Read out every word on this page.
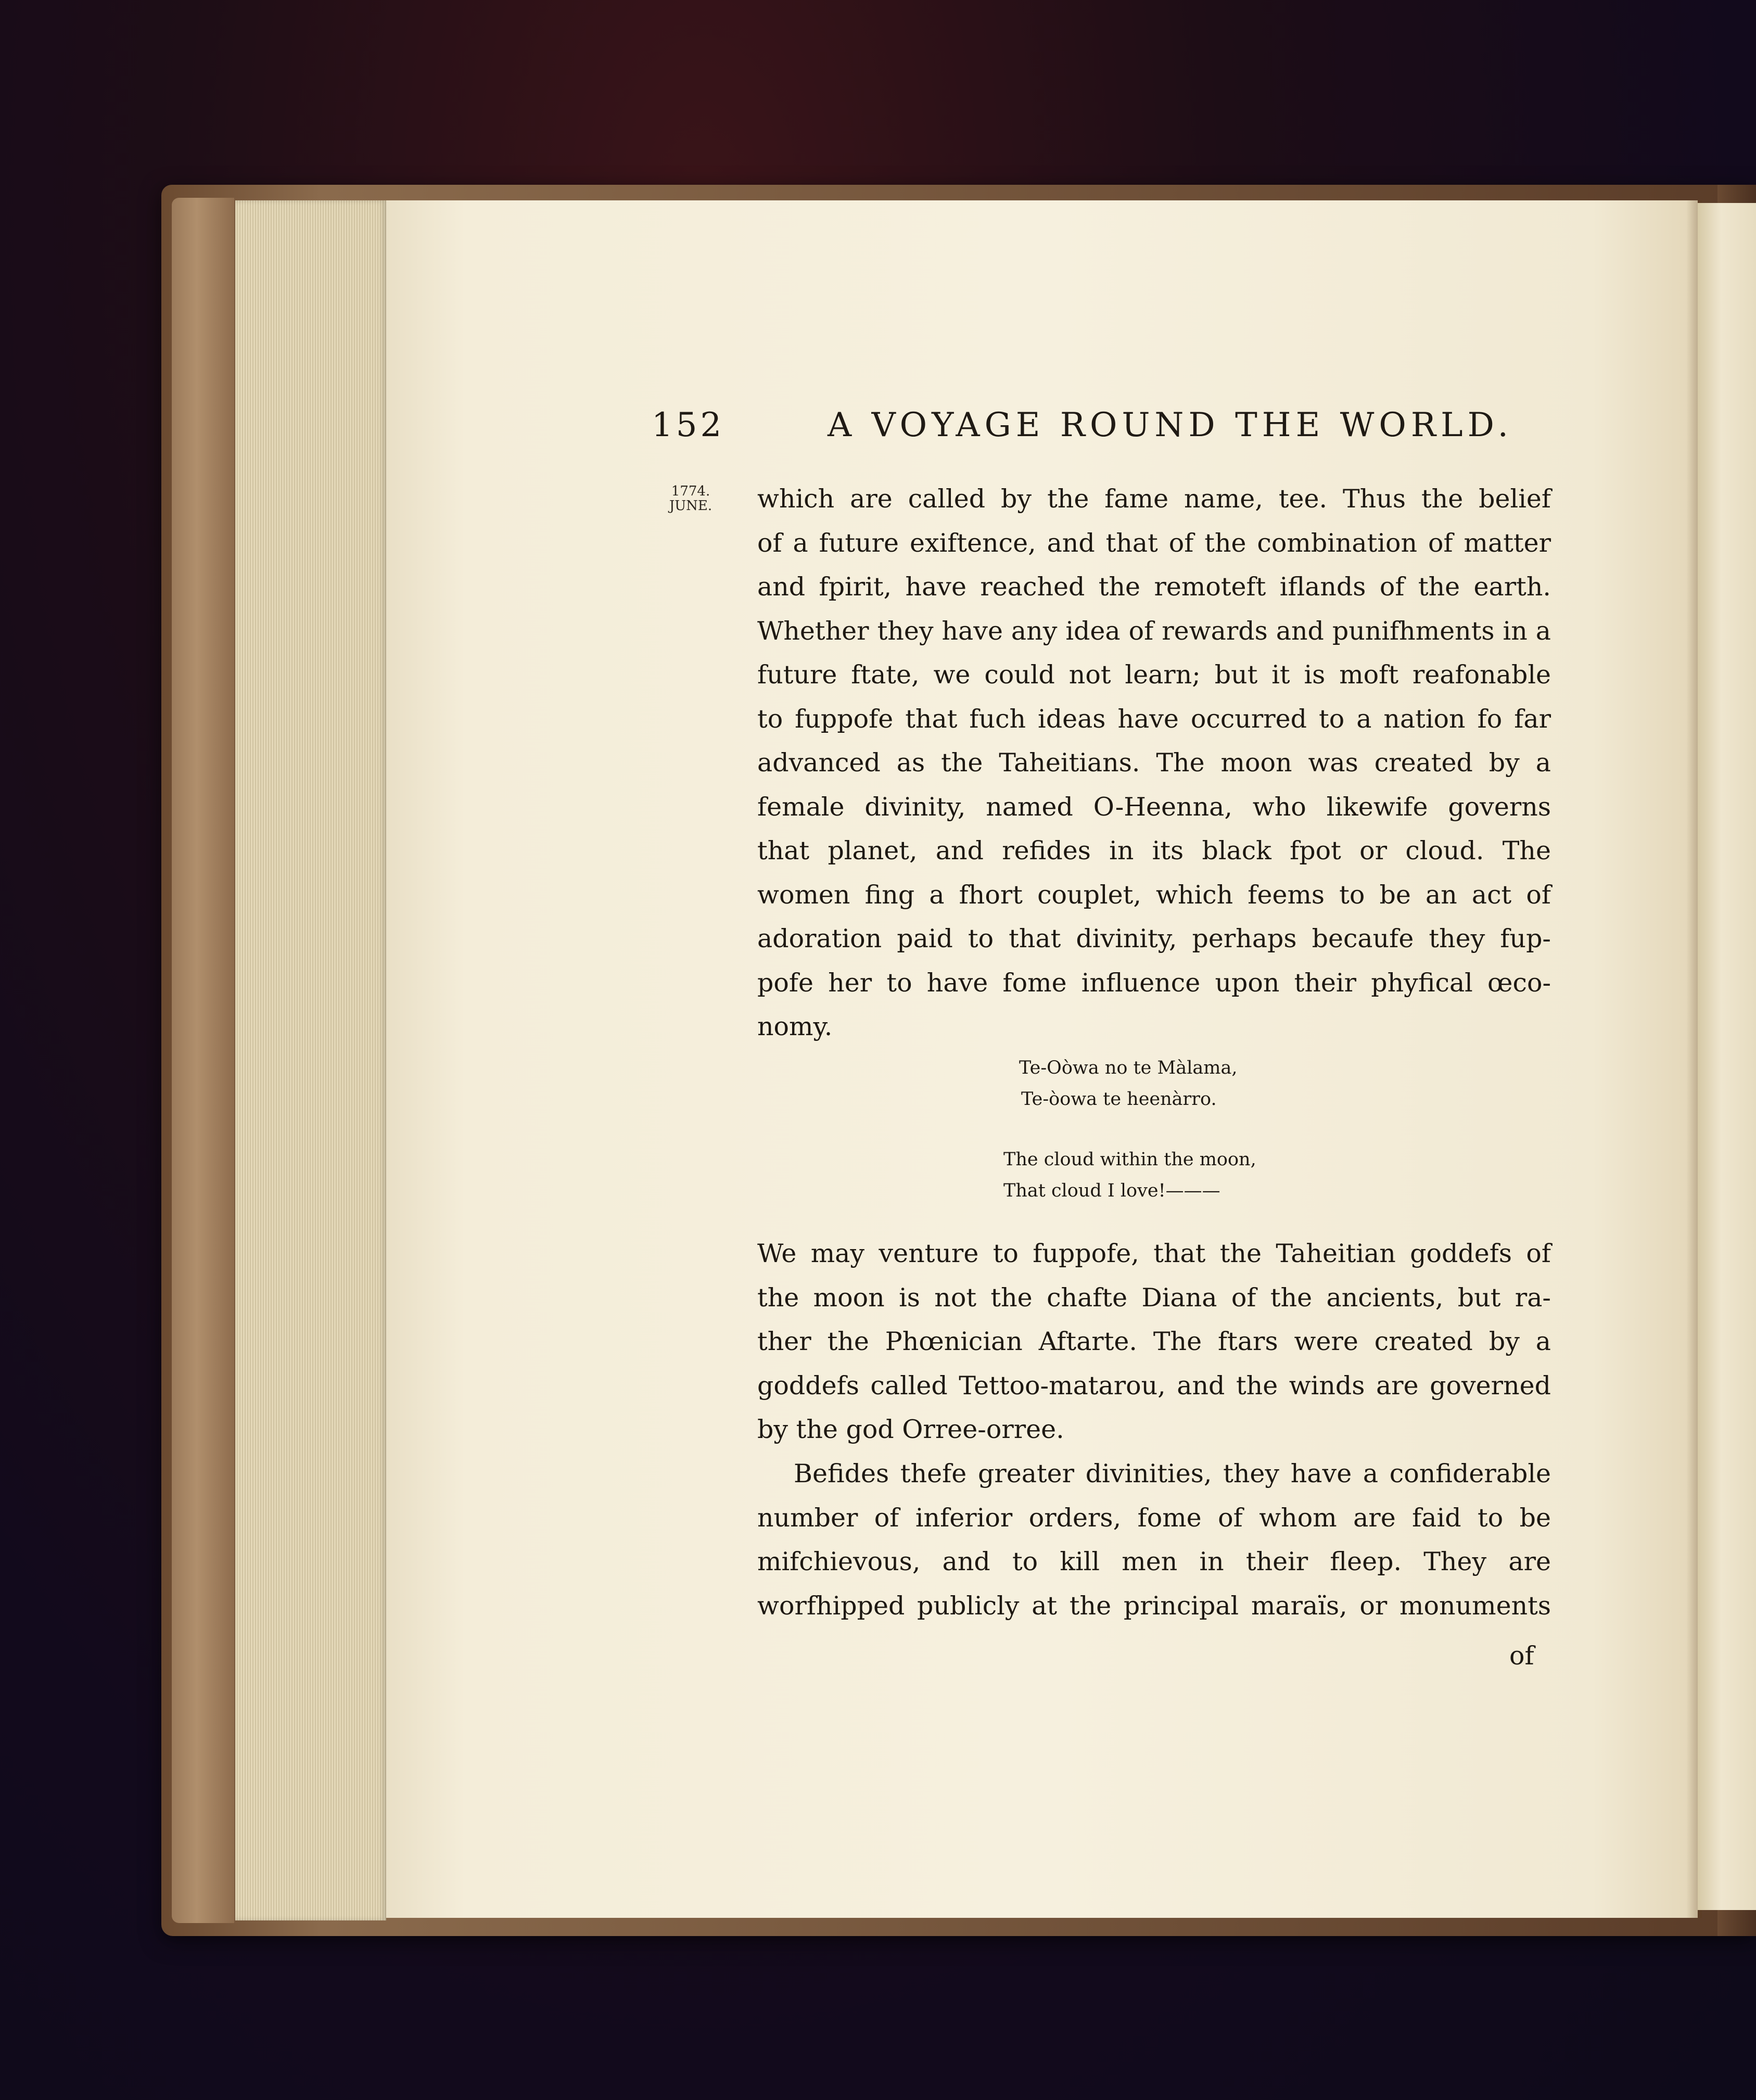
152	A VOYAGE ROUND THE WORLD.
1774.
JUNE. which are called by the fame name, tee. Thus the belief
of a future exiftence, and that of the combination of matter
and fpirit, have reached the remoteft iflands of the earth.
Whether they have any idea of rewards and punifhments in a
future ftate, we could not learn; but it is moft reafonable
to fuppofe that fuch ideas have occurred to a nation fo far
advanced as the Taheitians. The moon was created by a
female divinity, named O-Heenna, who likewife governs
that planet, and refides in its black fpot or cloud. The
women fing a fhort couplet, which feems to be an act of
adoration paid to that divinity, perhaps becaufe they fup-
pofe her to have fome influence upon their phyfical œco-
nomy.
Te-Oòwa no te Màlama,
Te-òowa te heenàrro.
The cloud within the moon,
That cloud I love!———
We may venture to fuppofe, that the Taheitian goddefs of
the moon is not the chafte Diana of the ancients, but ra-
ther the Phœnician Aftarte. The ftars were created by a
goddefs called Tettoo-matarou, and the winds are governed
by the god Orree-orree.
Befides thefe greater divinities, they have a confiderable
number of inferior orders, fome of whom are faid to be
mifchievous, and to kill men in their fleep. They are
worfhipped publicly at the principal maraïs, or monuments
of
